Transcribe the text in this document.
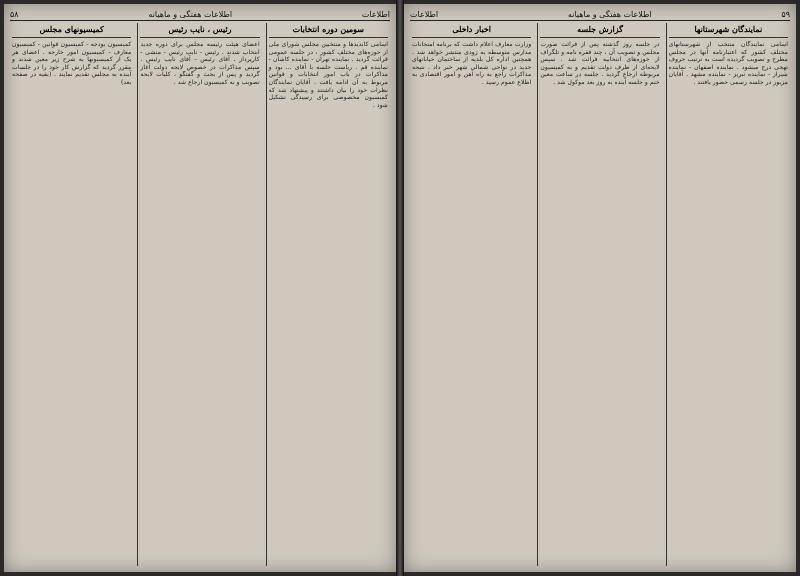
اطلاعات
اطلاعات هفتگی و ماهیانه
۵۸
سومین دوره انتخابات

اسامی کاندیدها و منتخبین مجلس شورای ملی از حوزه‌های مختلف کشور ، در جلسه عمومی قرائت گردید . نماینده تهران - نماینده کاشان - نماینده قم . ریاست جلسه با آقای ... بود و مذاکرات در باب امور انتخابات و قوانین مربوط به آن ادامه یافت . آقایان نمایندگان نظرات خود را بیان داشتند و پیشنهاد شد که کمیسیون مخصوصی برای رسیدگی تشکیل شود .

رئیس ، نایب رئیس

اعضای هیئت رئیسه مجلس برای دوره جدید انتخاب شدند . رئیس - نایب رئیس - منشی - کارپرداز . آقای رئیس - آقای نایب رئیس . سپس مذاکرات در خصوص لایحه دولت آغاز گردید و پس از بحث و گفتگو ، کلیات لایحه تصویب و به کمیسیون ارجاع شد .

کمیسیونهای مجلس

کمیسیون بودجه - کمیسیون قوانین - کمیسیون معارف - کمیسیون امور خارجه . اعضای هر یک از کمیسیونها به شرح زیر معین شدند و مقرر گردید که گزارش کار خود را در جلسات آینده به مجلس تقدیم نمایند . (بقیه در صفحه بعد)

۵۹
اطلاعات هفتگی و ماهیانه
اطلاعات
نمایندگان شهرستانها

اسامی نمایندگان منتخب از شهرستانهای مختلف کشور که اعتبارنامه آنها در مجلس مطرح و تصویب گردیده است به ترتیب حروف تهجی درج میشود . نماینده اصفهان - نماینده شیراز - نماینده تبریز - نماینده مشهد . آقایان مزبور در جلسه رسمی حضور یافتند .

گزارش جلسه

در جلسه روز گذشته پس از قرائت صورت مجلس و تصویب آن ، چند فقره نامه و تلگراف از حوزه‌های انتخابیه قرائت شد . سپس لایحه‌ای از طرف دولت تقدیم و به کمیسیون مربوطه ارجاع گردید . جلسه در ساعت معین ختم و جلسه آینده به روز بعد موکول شد .

اخبار داخلی

وزارت معارف اعلام داشت که برنامه امتحانات مدارس متوسطه به زودی منتشر خواهد شد . همچنین اداره کل بلدیه از ساختمان خیابانهای جدید در نواحی شمالی شهر خبر داد . نتیجه مذاکرات راجع به راه آهن و امور اقتصادی به اطلاع عموم رسید .
